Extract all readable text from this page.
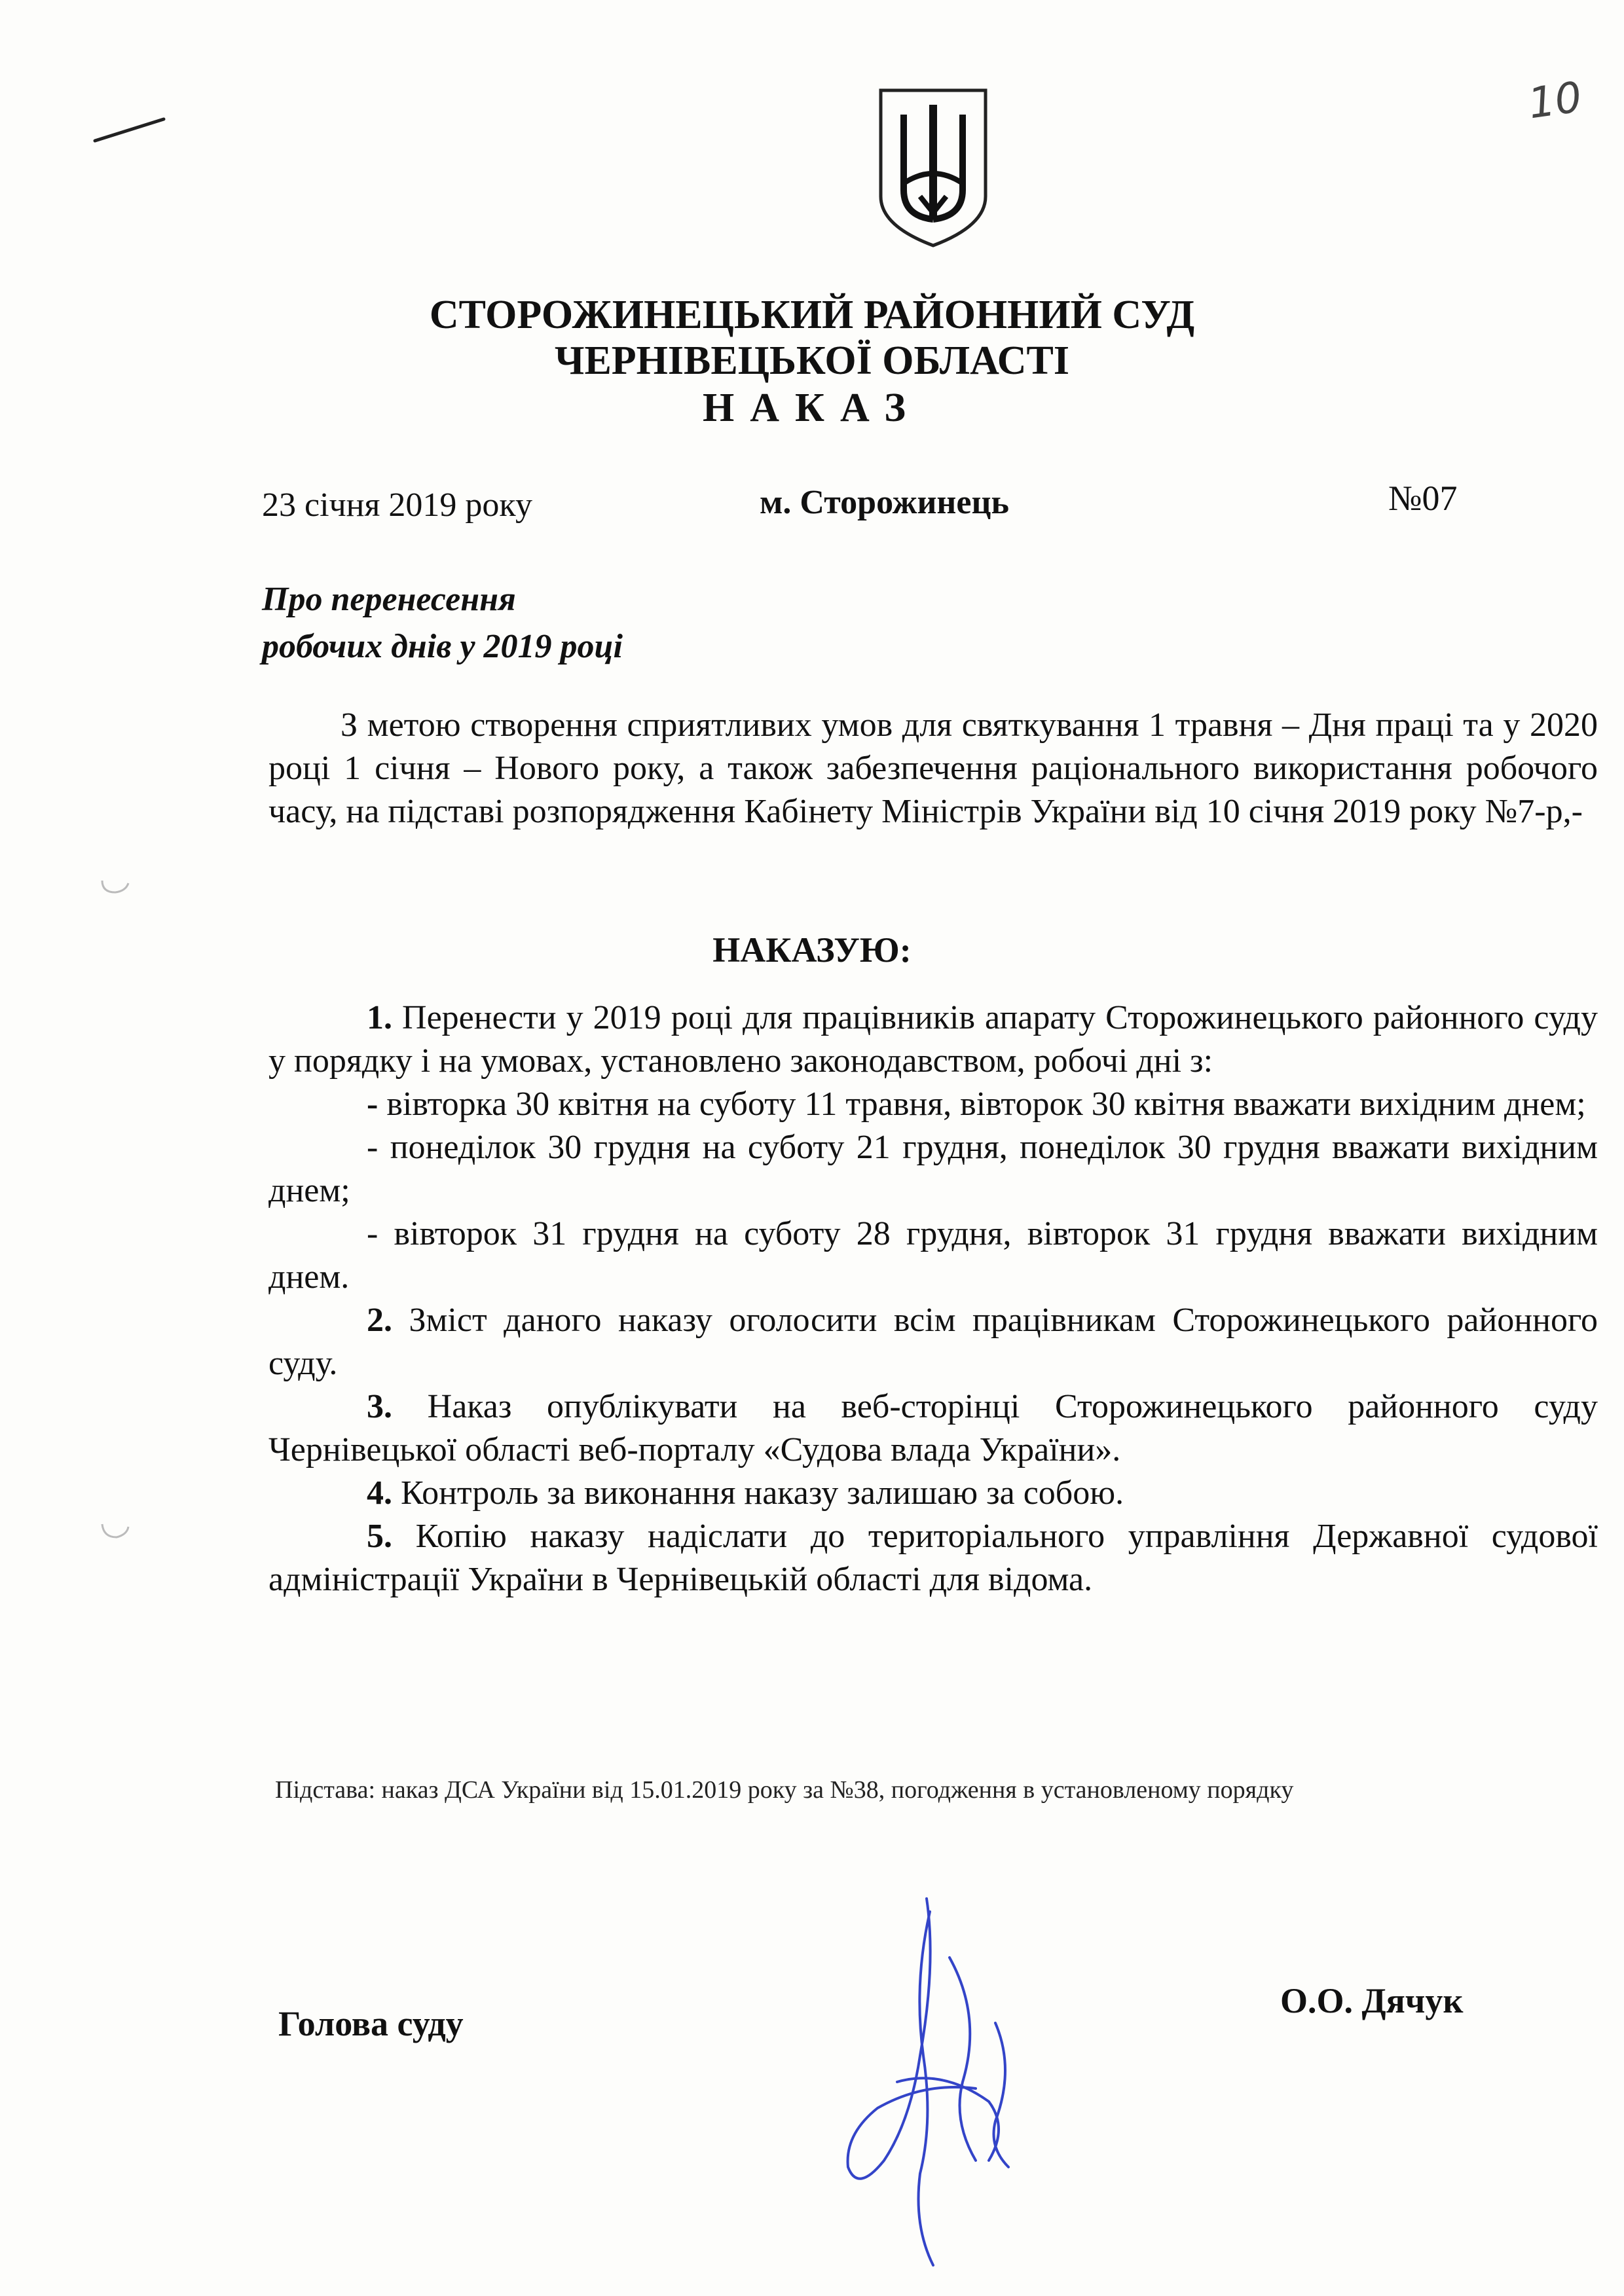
10
СТОРОЖИНЕЦЬКИЙ РАЙОННИЙ СУД
ЧЕРНІВЕЦЬКОЇ ОБЛАСТІ
НАКАЗ
23 січня 2019 року	м. Сторожинець	№07
Про перенесення
робочих днів у 2019 році
З метою створення сприятливих умов для святкування 1 травня – Дня праці та у 2020 році 1 січня – Нового року, а також забезпечення раціонального використання робочого часу, на підставі розпорядження Кабінету Міністрів України від 10 січня 2019 року №7-р,-
НАКАЗУЮ:

1. Перенести у 2019 році для працівників апарату Сторожинецького районного суду у порядку і на умовах, установлено законодавством, робочі дні з:

- вівторка 30 квітня на суботу 11 травня, вівторок 30 квітня вважати вихідним днем;

- понеділок 30 грудня на суботу 21 грудня, понеділок 30 грудня вважати вихідним днем;

- вівторок 31 грудня на суботу 28 грудня, вівторок 31 грудня вважати вихідним днем.

2. Зміст даного наказу оголосити всім працівникам Сторожинецького районного суду.

3. Наказ опублікувати на веб-сторінці Сторожинецького районного суду Чернівецької області веб-порталу «Судова влада України».

4. Контроль за виконання наказу залишаю за собою.

5. Копію наказу надіслати до територіального управління Державної судової адміністрації України в Чернівецькій області для відома.

Підстава: наказ ДСА України від 15.01.2019 року за №38, погодження в установленому порядку
Голова суду
О.О. Дячук
